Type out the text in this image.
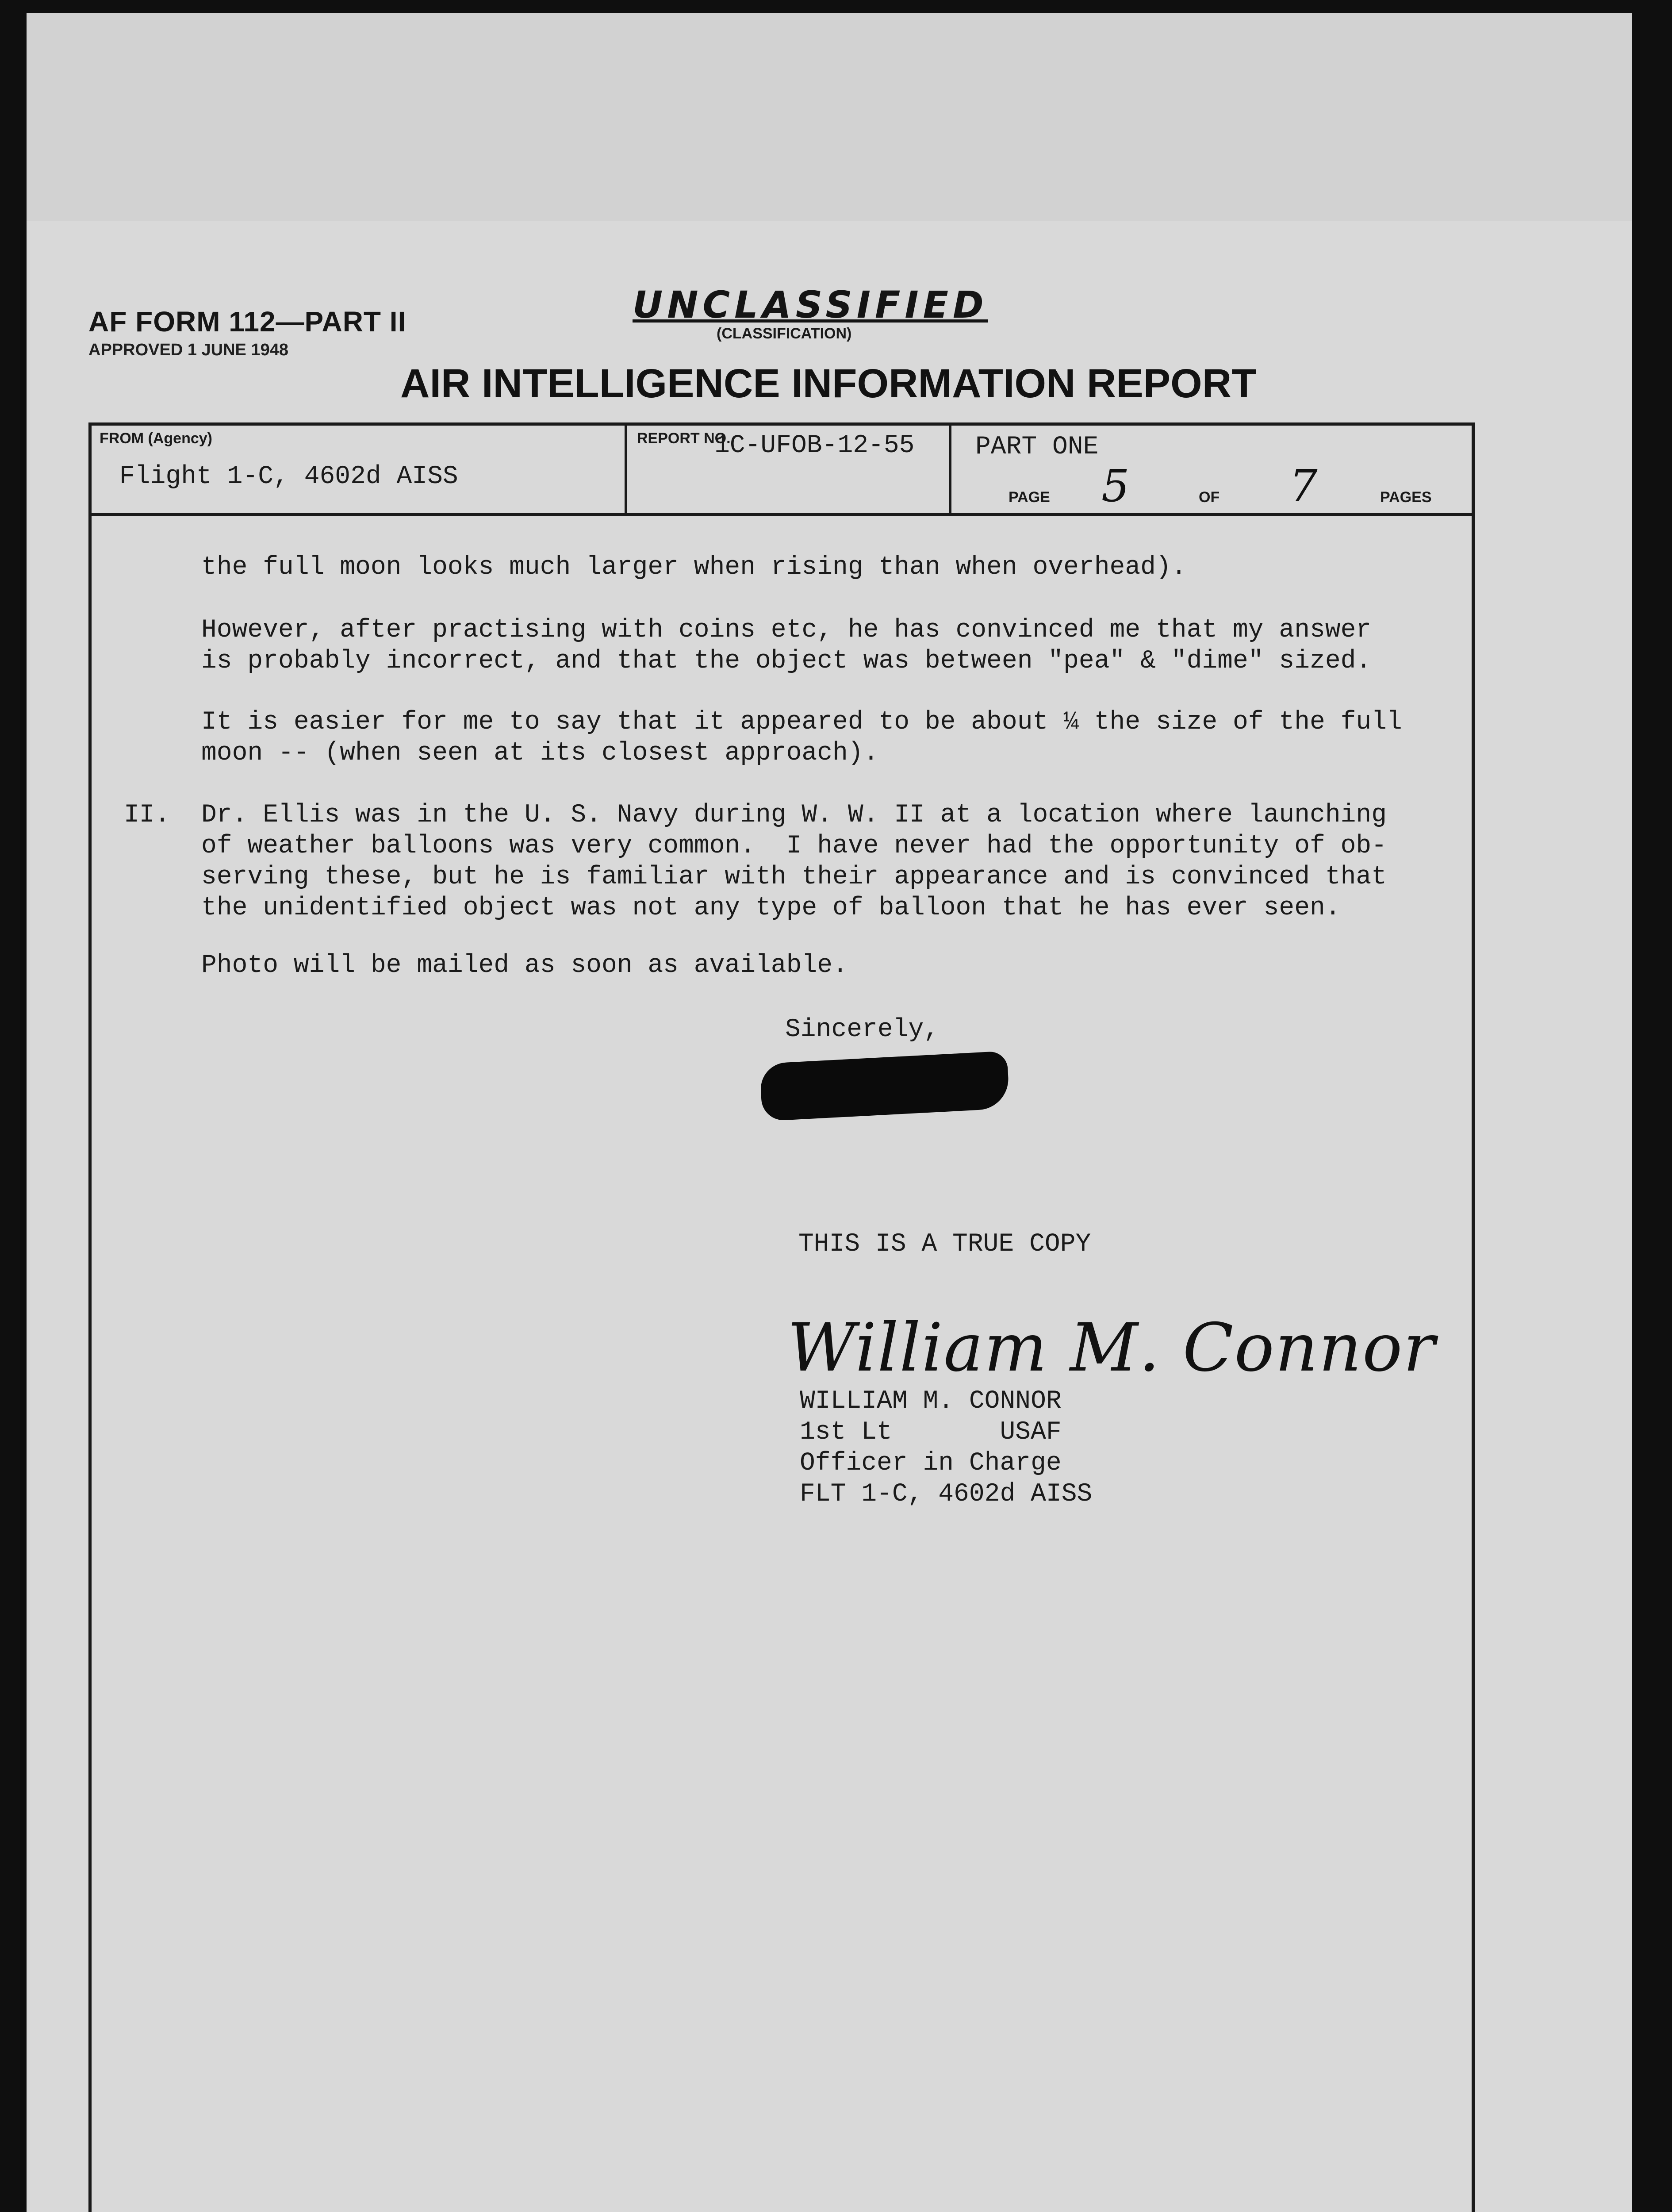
AF FORM 112—PART II
APPROVED 1 JUNE 1948
UNCLASSIFIED
(CLASSIFICATION)
AIR INTELLIGENCE INFORMATION REPORT
FROM (Agency)
Flight 1-C, 4602d AISS
REPORT NO.
1C-UFOB-12-55 PART ONE
PAGE 5	OF 7	PAGES
the full moon looks much larger when rising than when overhead).
However, after practising with coins etc, he has convinced me that my answer
is probably incorrect, and that the object was between "pea" & "dime" sized.
It is easier for me to say that it appeared to be about ¼ the size of the full
moon -- (when seen at its closest approach).
II. Dr. Ellis was in the U. S. Navy during W. W. II at a location where launching
of weather balloons was very common.  I have never had the opportunity of ob-
serving these, but he is familiar with their appearance and is convinced that
the unidentified object was not any type of balloon that he has ever seen.
Photo will be mailed as soon as available.
Sincerely,
THIS IS A TRUE COPY
William M. Connor
WILLIAM M. CONNOR
1st Lt       USAF
Officer in Charge
FLT 1-C, 4602d AISS
